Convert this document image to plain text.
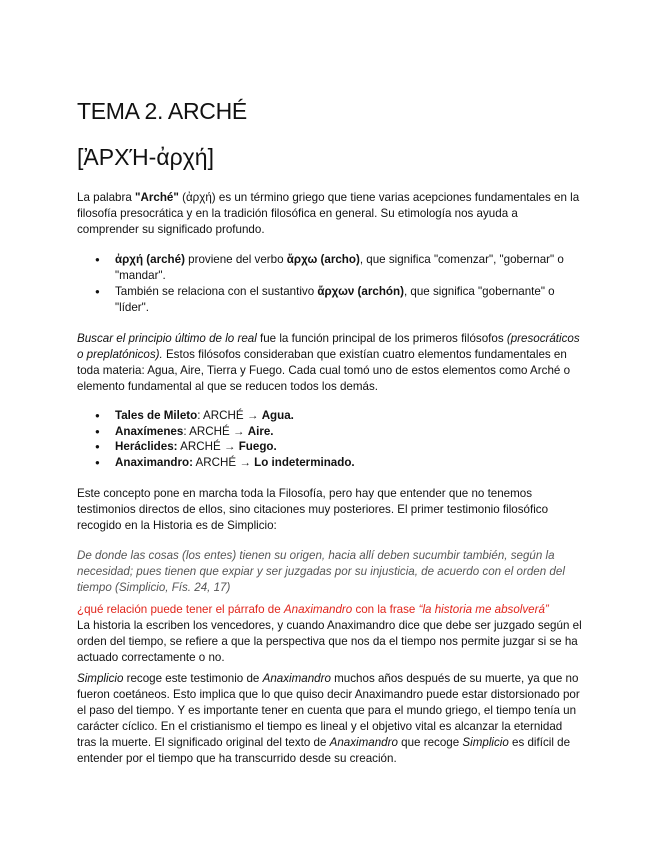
TEMA 2. ARCHÉ
[ἈΡΧΉ-ἀρχή]

La palabra "Arché" (ἀρχή) es un término griego que tiene varias acepciones fundamentales en la filosofía presocrática y en la tradición filosófica en general. Su etimología nos ayuda a comprender su significado profundo.

● ἀρχή (arché) proviene del verbo ἄρχω (archo), que significa "comenzar", "gobernar" o "mandar".
● También se relaciona con el sustantivo ἄρχων (archón), que significa "gobernante" o "líder".

Buscar el principio último de lo real fue la función principal de los primeros filósofos (presocráticos o preplatónicos). Estos filósofos consideraban que existían cuatro elementos fundamentales en toda materia: Agua, Aire, Tierra y Fuego. Cada cual tomó uno de estos elementos como Arché o elemento fundamental al que se reducen todos los demás.

● Tales de Mileto: ARCHÉ → Agua.
● Anaxímenes: ARCHÉ → Aire.
● Heráclides: ARCHÉ → Fuego.
● Anaximandro: ARCHÉ → Lo indeterminado.

Este concepto pone en marcha toda la Filosofía, pero hay que entender que no tenemos testimonios directos de ellos, sino citaciones muy posteriores. El primer testimonio filosófico recogido en la Historia es de Simplicio:

De donde las cosas (los entes) tienen su origen, hacia allí deben sucumbir también, según la necesidad; pues tienen que expiar y ser juzgadas por su injusticia, de acuerdo con el orden del tiempo (Simplicio, Fís. 24, 17)

¿qué relación puede tener el párrafo de Anaximandro con la frase “la historia me absolverá”

La historia la escriben los vencedores, y cuando Anaximandro dice que debe ser juzgado según el orden del tiempo, se refiere a que la perspectiva que nos da el tiempo nos permite juzgar si se ha actuado correctamente o no.

Simplicio recoge este testimonio de Anaximandro muchos años después de su muerte, ya que no fueron coetáneos. Esto implica que lo que quiso decir Anaximandro puede estar distorsionado por el paso del tiempo. Y es importante tener en cuenta que para el mundo griego, el tiempo tenía un carácter cíclico. En el cristianismo el tiempo es lineal y el objetivo vital es alcanzar la eternidad tras la muerte. El significado original del texto de Anaximandro que recoge Simplicio es difícil de entender por el tiempo que ha transcurrido desde su creación.
